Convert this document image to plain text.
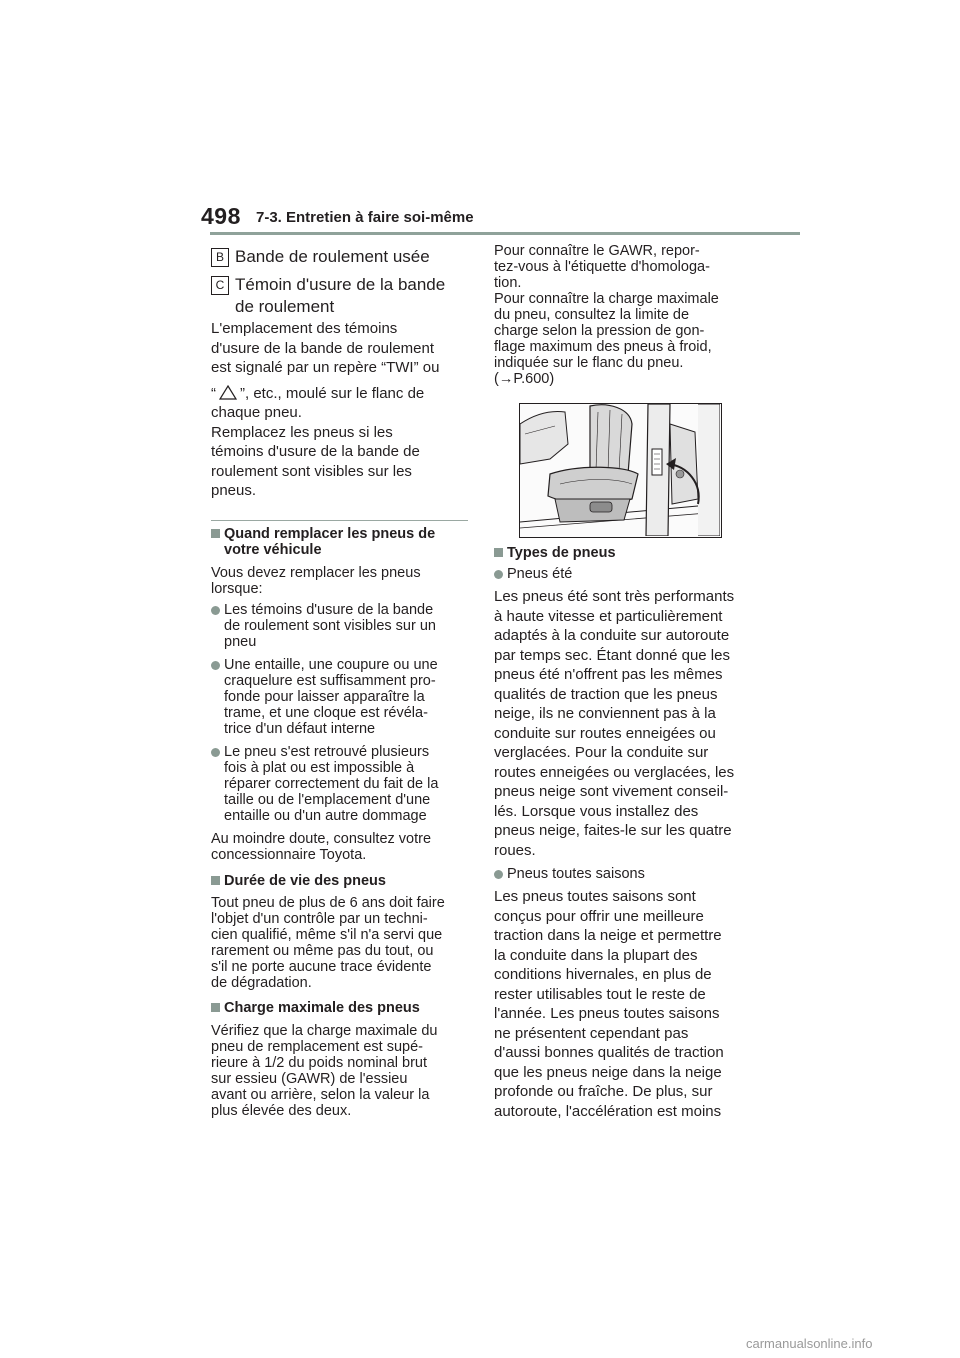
498 7-3. Entretien à faire soi-même
B Bande de roulement usée
C Témoin d'usure de la bande
de roulement
L'emplacement des témoins
d'usure de la bande de roulement
est signalé par un repère “TWI” ou
“ ”, etc., moulé sur le flanc de
chaque pneu.
Remplacez les pneus si les
témoins d'usure de la bande de
roulement sont visibles sur les
pneus.
Quand remplacer les pneus de
votre véhicule
Vous devez remplacer les pneus
lorsque:
Les témoins d'usure de la bande
de roulement sont visibles sur un
pneu
Une entaille, une coupure ou une
craquelure est suffisamment pro-
fonde pour laisser apparaître la
trame, et une cloque est révéla-
trice d'un défaut interne
Le pneu s'est retrouvé plusieurs
fois à plat ou est impossible à
réparer correctement du fait de la
taille ou de l'emplacement d'une
entaille ou d'un autre dommage
Au moindre doute, consultez votre
concessionnaire Toyota.
Durée de vie des pneus
Tout pneu de plus de 6 ans doit faire
l'objet d'un contrôle par un techni-
cien qualifié, même s'il n'a servi que
rarement ou même pas du tout, ou
s'il ne porte aucune trace évidente
de dégradation.
Charge maximale des pneus
Vérifiez que la charge maximale du
pneu de remplacement est supé-
rieure à 1/2 du poids nominal brut
sur essieu (GAWR) de l'essieu
avant ou arrière, selon la valeur la
plus élevée des deux.
Pour connaître le GAWR, repor-
tez-vous à l'étiquette d'homologa-
tion.
Pour connaître la charge maximale
du pneu, consultez la limite de
charge selon la pression de gon-
flage maximum des pneus à froid,
indiquée sur le flanc du pneu.
(→P.600)
Types de pneus
Pneus été
Les pneus été sont très performants
à haute vitesse et particulièrement
adaptés à la conduite sur autoroute
par temps sec. Étant donné que les
pneus été n'offrent pas les mêmes
qualités de traction que les pneus
neige, ils ne conviennent pas à la
conduite sur routes enneigées ou
verglacées. Pour la conduite sur
routes enneigées ou verglacées, les
pneus neige sont vivement conseil-
lés. Lorsque vous installez des
pneus neige, faites-le sur les quatre
roues.
Pneus toutes saisons
Les pneus toutes saisons sont
conçus pour offrir une meilleure
traction dans la neige et permettre
la conduite dans la plupart des
conditions hivernales, en plus de
rester utilisables tout le reste de
l'année. Les pneus toutes saisons
ne présentent cependant pas
d'aussi bonnes qualités de traction
que les pneus neige dans la neige
profonde ou fraîche. De plus, sur
autoroute, l'accélération est moins
carmanualsonline.info
